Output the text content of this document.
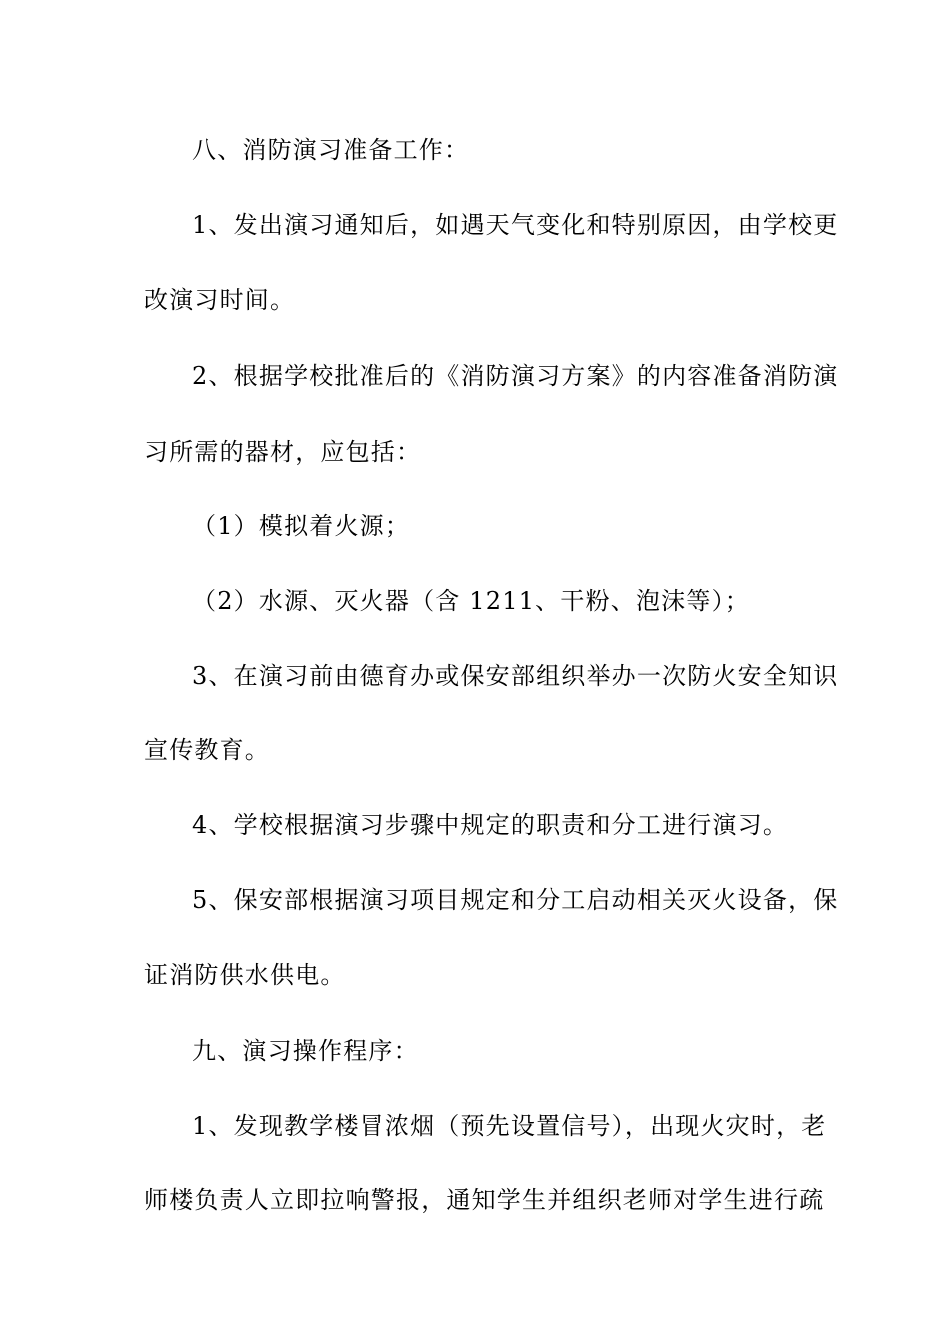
八、消防演习准备工作：
1、发出演习通知后，如遇天气变化和特别原因，由学校更
改演习时间。
2、根据学校批准后的《消防演习方案》的内容准备消防演
习所需的器材，应包括：
（1）模拟着火源；
（2）水源、灭火器（含 1211、干粉、泡沫等）；
3、在演习前由德育办或保安部组织举办一次防火安全知识
宣传教育。
4、学校根据演习步骤中规定的职责和分工进行演习。
5、保安部根据演习项目规定和分工启动相关灭火设备，保
证消防供水供电。
九、演习操作程序：
1、发现教学楼冒浓烟（预先设置信号），出现火灾时，老
师楼负责人立即拉响警报，通知学生并组织老师对学生进行疏
